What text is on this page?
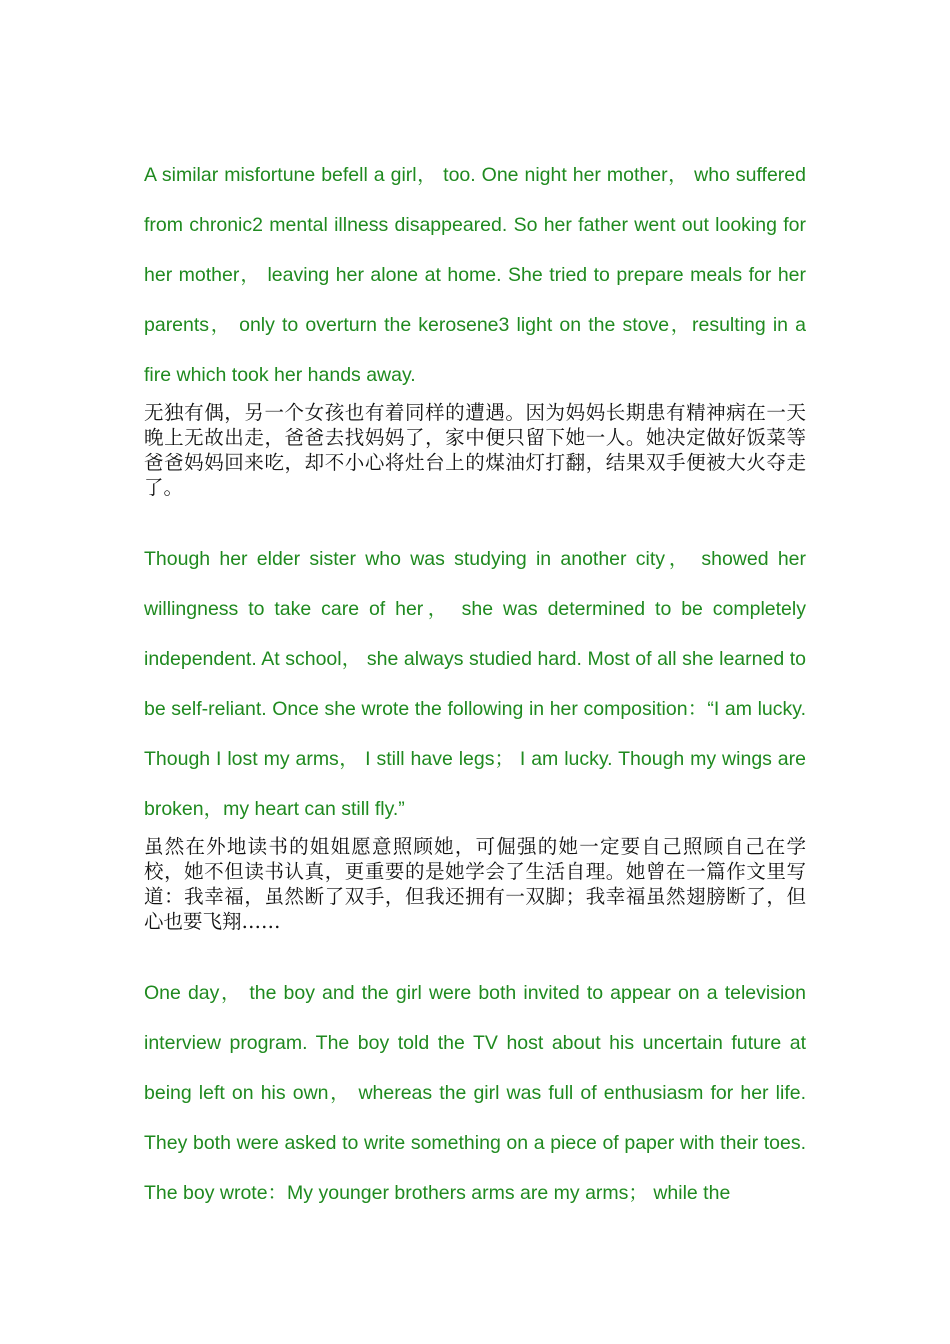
A similar misfortune befell a girl， too. One night her mother， who suffered from chronic2 mental illness disappeared. So her father went out looking for her mother， leaving her alone at home. She tried to prepare meals for her parents， only to overturn the kerosene3 light on the stove，resulting in a fire which took her hands away.

无独有偶，另一个女孩也有着同样的遭遇。因为妈妈长期患有精神病在一天晚上无故出走，爸爸去找妈妈了，家中便只留下她一人。她决定做好饭菜等爸爸妈妈回来吃，却不小心将灶台上的煤油灯打翻，结果双手便被大火夺走了。

Though her elder sister who was studying in another city， showed her willingness to take care of her， she was determined to be completely independent. At school， she always studied hard. Most of all she learned to be self-reliant. Once she wrote the following in her composition：“I am lucky. Though I lost my arms， I still have legs； I am lucky. Though my wings are broken，my heart can still fly.”

虽然在外地读书的姐姐愿意照顾她，可倔强的她一定要自己照顾自己在学校，她不但读书认真，更重要的是她学会了生活自理。她曾在一篇作文里写道：我幸福，虽然断了双手，但我还拥有一双脚；我幸福虽然翅膀断了，但心也要飞翔……

One day， the boy and the girl were both invited to appear on a television interview program. The boy told the TV host about his uncertain future at being left on his own， whereas the girl was full of enthusiasm for her life. They both were asked to write something on a piece of paper with their toes. The boy wrote：My younger brothers arms are my arms； while the
